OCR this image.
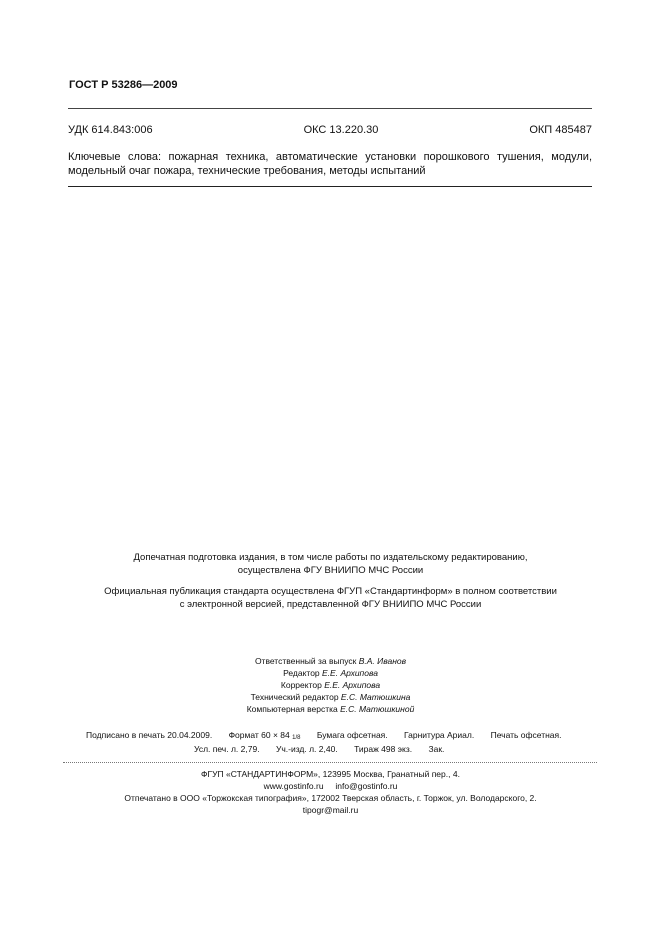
ГОСТ Р 53286—2009
УДК 614.843:006	ОКС 13.220.30	ОКП 485487
Ключевые слова: пожарная техника, автоматические установки порошкового тушения, модули,
модельный очаг пожара, технические требования, методы испытаний
Допечатная подготовка издания, в том числе работы по издательскому редактированию,
осуществлена ФГУ ВНИИПО МЧС России
Официальная публикация стандарта осуществлена ФГУП «Стандартинформ» в полном соответствии
с электронной версией, представленной ФГУ ВНИИПО МЧС России
Ответственный за выпуск В.А. Иванов
Редактор Е.Е. Архипова
Корректор Е.Е. Архипова
Технический редактор Е.С. Матюшкина
Компьютерная верстка Е.С. Матюшкиной
Подписано в печать 20.04.2009. Формат 60 × 84 1/8 Бумага офсетная. Гарнитура Ариал. Печать офсетная.
Усл. печ. л. 2,79. Уч.-изд. л. 2,40. Тираж 498 экз. Зак.
ФГУП «СТАНДАРТИНФОРМ», 123995 Москва, Гранатный пер., 4.
www.gostinfo.ru info@gostinfo.ru
Отпечатано в ООО «Торжокская типография», 172002 Тверская область, г. Торжок, ул. Володарского, 2.
tipogr@mail.ru
